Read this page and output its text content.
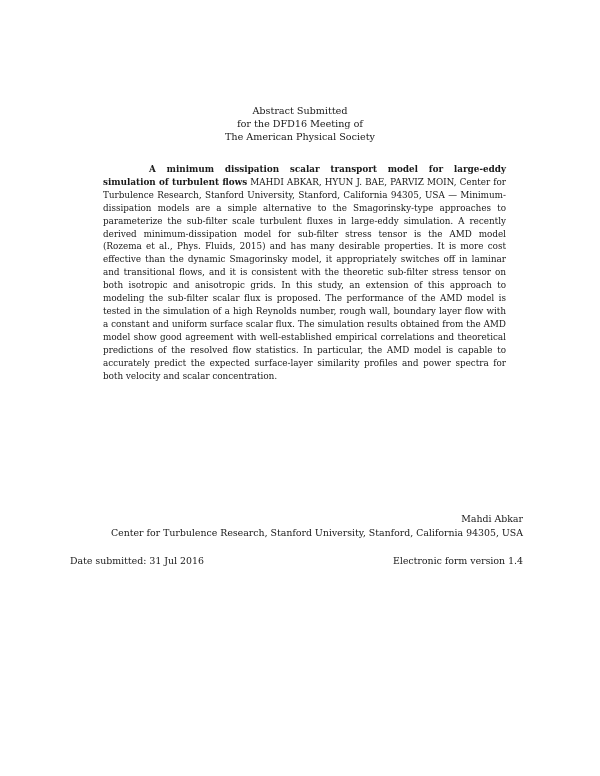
Abstract Submitted
for the DFD16 Meeting of
The American Physical Society

A minimum dissipation scalar transport model for large-eddy simulation of turbulent flows MAHDI ABKAR, HYUN J. BAE, PARVIZ MOIN, Center for Turbulence Research, Stanford University, Stanford, California 94305, USA — Minimum-dissipation models are a simple alternative to the Smagorinsky-type approaches to parameterize the sub-filter scale turbulent fluxes in large-eddy simulation. A recently derived minimum-dissipation model for sub-filter stress tensor is the AMD model (Rozema et al., Phys. Fluids, 2015) and has many desirable properties. It is more cost effective than the dynamic Smagorinsky model, it appropriately switches off in laminar and transitional flows, and it is consistent with the theoretic sub-filter stress tensor on both isotropic and anisotropic grids. In this study, an extension of this approach to modeling the sub-filter scalar flux is proposed. The performance of the AMD model is tested in the simulation of a high Reynolds number, rough wall, boundary layer flow with a constant and uniform surface scalar flux. The simulation results obtained from the AMD model show good agreement with well-established empirical correlations and theoretical predictions of the resolved flow statistics. In particular, the AMD model is capable to accurately predict the expected surface-layer similarity profiles and power spectra for both velocity and scalar concentration.

Mahdi Abkar
Center for Turbulence Research, Stanford University, Stanford, California 94305, USA
Date submitted: 31 Jul 2016	Electronic form version 1.4
